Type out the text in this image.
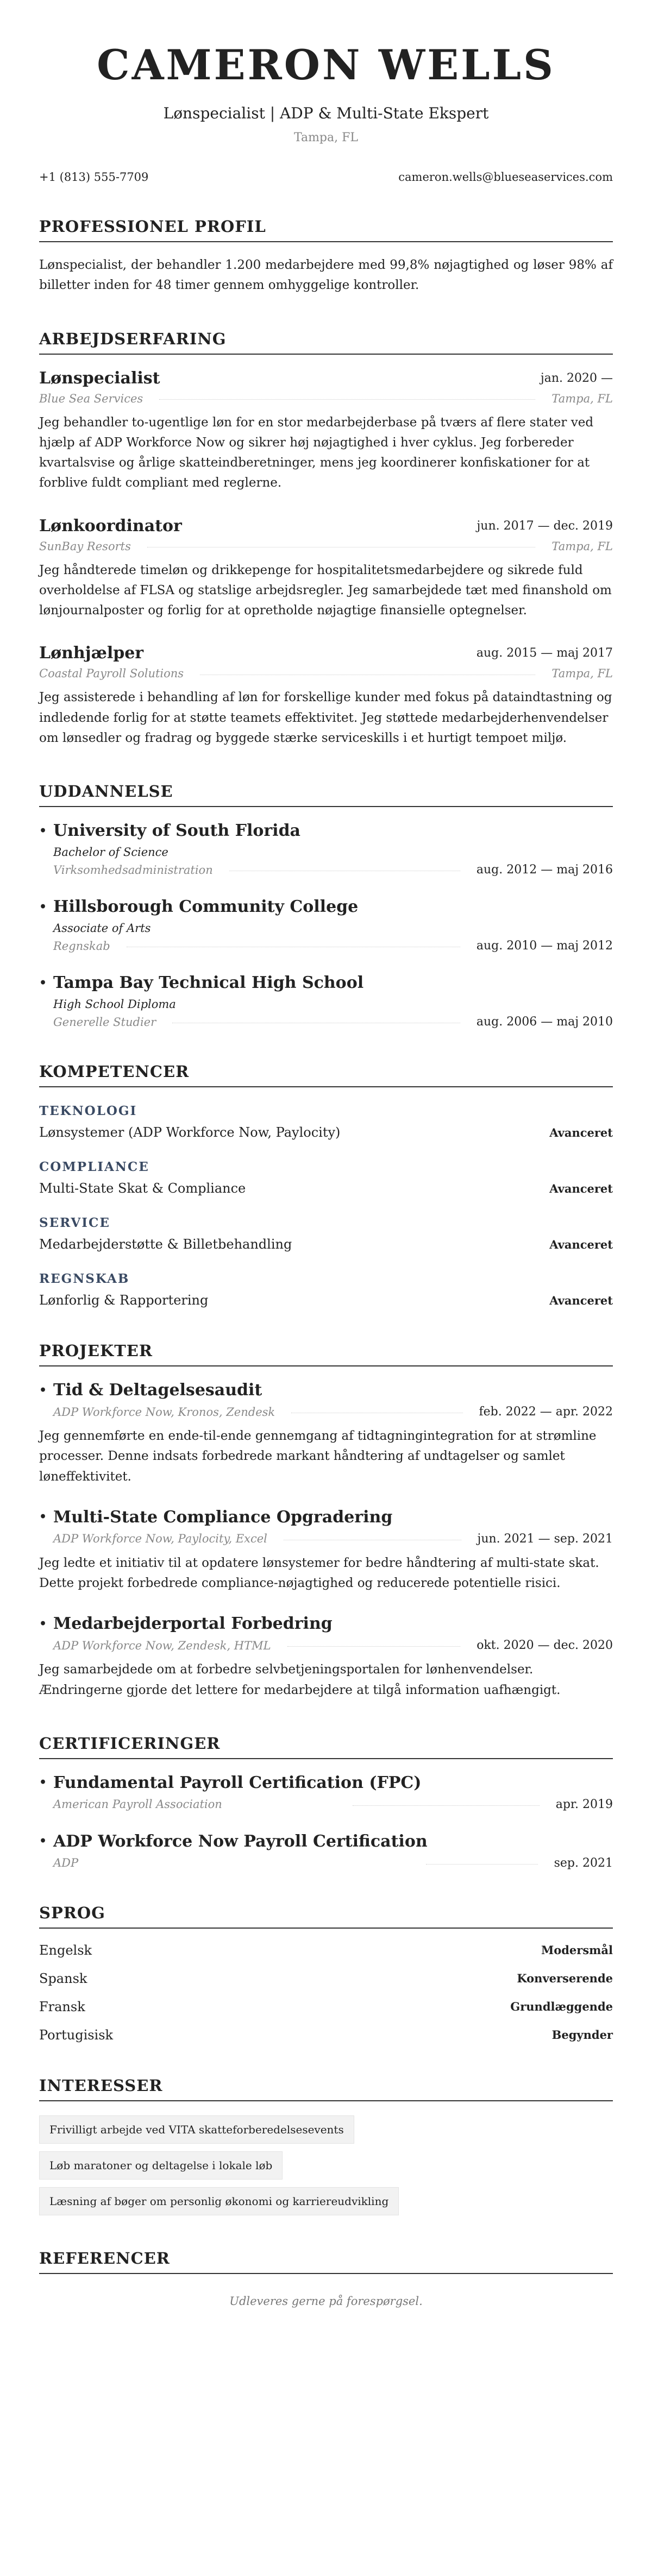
CAMERON WELLS
Lønspecialist | ADP & Multi-State Ekspert
Tampa, FL
+1 (813) 555-7709	cameron.wells@blueseaservices.com
PROFESSIONEL PROFIL
Lønspecialist, der behandler 1.200 medarbejdere med 99,8% nøjagtighed og løser 98% af billetter inden for 48 timer gennem omhyggelige kontroller.
ARBEJDSERFARING
Lønspecialist	jan. 2020 —
Blue Sea Services	Tampa, FL
Jeg behandler to-ugentlige løn for en stor medarbejderbase på tværs af flere stater ved hjælp af ADP Workforce Now og sikrer høj nøjagtighed i hver cyklus. Jeg forbereder kvartalsvise og årlige skatteindberetninger, mens jeg koordinerer konfiskationer for at forblive fuldt compliant med reglerne.
Lønkoordinator	jun. 2017 — dec. 2019
SunBay Resorts	Tampa, FL
Jeg håndterede timeløn og drikkepenge for hospitalitetsmedarbejdere og sikrede fuld overholdelse af FLSA og statslige arbejdsregler. Jeg samarbejdede tæt med finanshold om lønjournalposter og forlig for at opretholde nøjagtige finansielle optegnelser.
Lønhjælper	aug. 2015 — maj 2017
Coastal Payroll Solutions	Tampa, FL
Jeg assisterede i behandling af løn for forskellige kunder med fokus på dataindtastning og indledende forlig for at støtte teamets effektivitet. Jeg støttede medarbejderhenvendelser om lønsedler og fradrag og byggede stærke serviceskills i et hurtigt tempoet miljø.
UDDANNELSE
• University of South Florida
Bachelor of Science
Virksomhedsadministration	aug. 2012 — maj 2016
• Hillsborough Community College
Associate of Arts
Regnskab	aug. 2010 — maj 2012
• Tampa Bay Technical High School
High School Diploma
Generelle Studier	aug. 2006 — maj 2010
KOMPETENCER
TEKNOLOGI
Lønsystemer (ADP Workforce Now, Paylocity)	Avanceret
COMPLIANCE
Multi-State Skat & Compliance	Avanceret
SERVICE
Medarbejderstøtte & Billetbehandling	Avanceret
REGNSKAB
Lønforlig & Rapportering	Avanceret
PROJEKTER
• Tid & Deltagelsesaudit
ADP Workforce Now, Kronos, Zendesk	feb. 2022 — apr. 2022
Jeg gennemførte en ende-til-ende gennemgang af tidtagningintegration for at strømline processer. Denne indsats forbedrede markant håndtering af undtagelser og samlet løneffektivitet.
• Multi-State Compliance Opgradering
ADP Workforce Now, Paylocity, Excel	jun. 2021 — sep. 2021
Jeg ledte et initiativ til at opdatere lønsystemer for bedre håndtering af multi-state skat. Dette projekt forbedrede compliance-nøjagtighed og reducerede potentielle risici.
• Medarbejderportal Forbedring
ADP Workforce Now, Zendesk, HTML	okt. 2020 — dec. 2020
Jeg samarbejdede om at forbedre selvbetjeningsportalen for lønhenvendelser. Ændringerne gjorde det lettere for medarbejdere at tilgå information uafhængigt.
CERTIFICERINGER
• Fundamental Payroll Certification (FPC)
American Payroll Association	apr. 2019
• ADP Workforce Now Payroll Certification
ADP	sep. 2021
SPROG
Engelsk	Modersmål
Spansk	Konverserende
Fransk	Grundlæggende
Portugisisk	Begynder
INTERESSER
Frivilligt arbejde ved VITA skatteforberedelsesevents
Løb maratoner og deltagelse i lokale løb
Læsning af bøger om personlig økonomi og karriereudvikling
REFERENCER
Udleveres gerne på forespørgsel.
